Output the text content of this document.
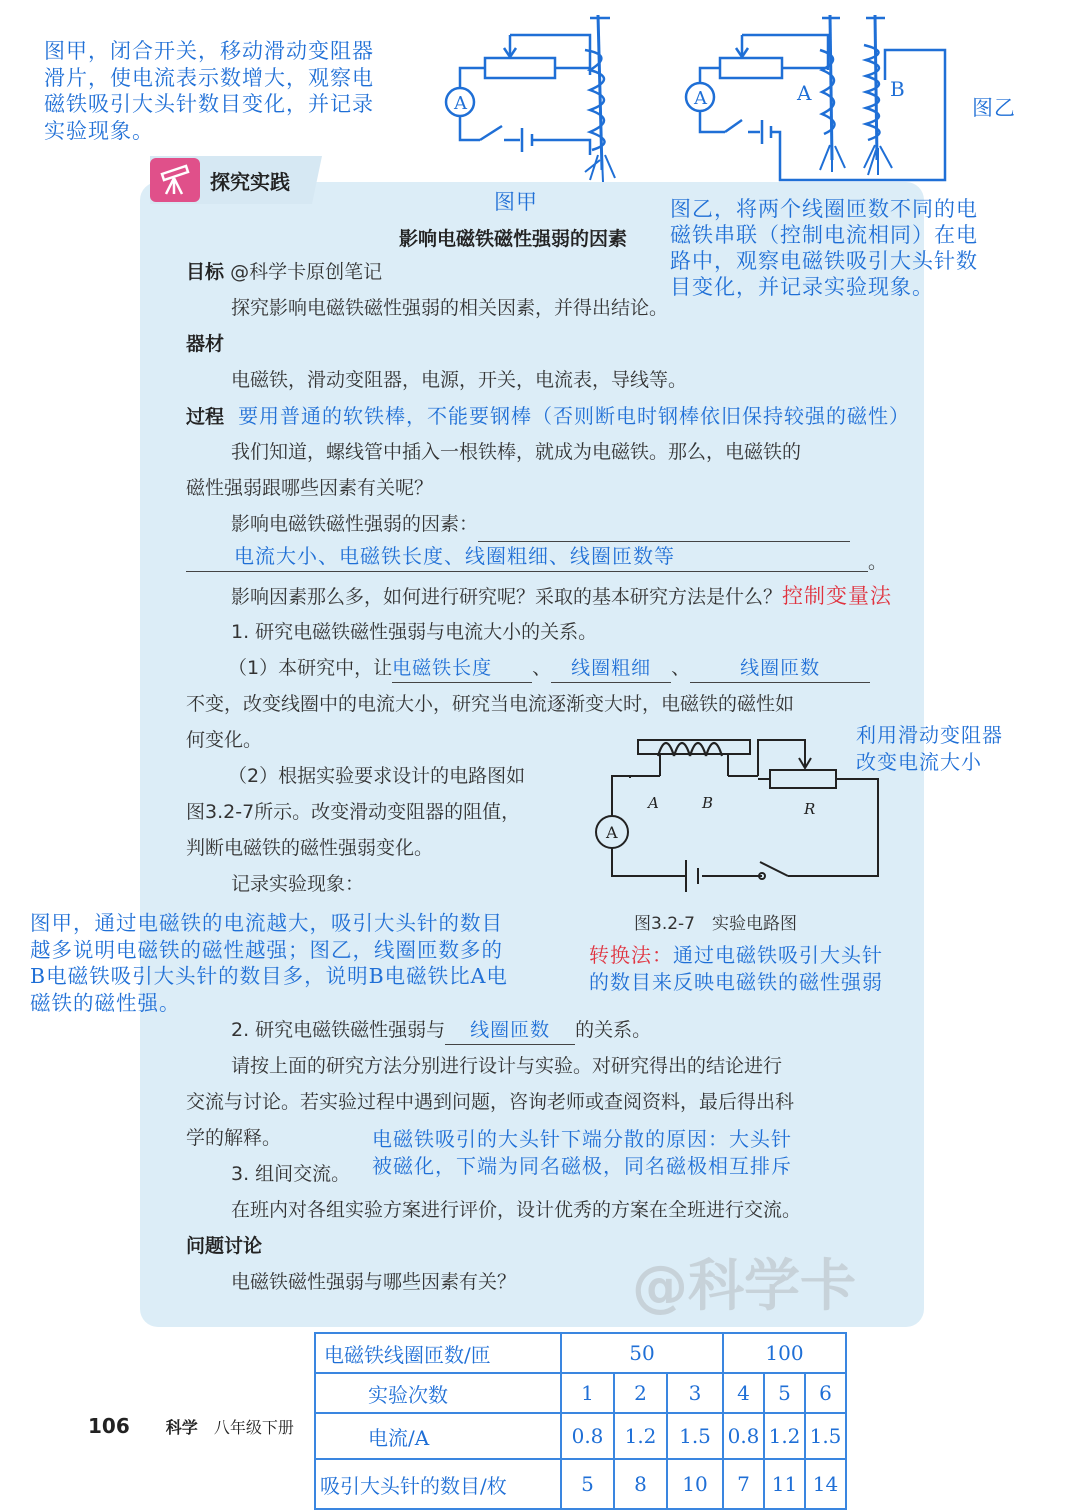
图甲，闭合开关，移动滑动变阻器
滑片，使电流表示数增大，观察电
磁铁吸引大头针数目变化，并记录
实验现象。
A	A	A	B
图乙
图甲
探究实践
影响电磁铁磁性强弱的因素
图乙，将两个线圈匝数不同的电
磁铁串联（控制电流相同）在电
路中，观察电磁铁吸引大头针数
目变化，并记录实验现象。
目标 @科学卡原创笔记
探究影响电磁铁磁性强弱的相关因素，并得出结论。
器材
电磁铁，滑动变阻器，电源，开关，电流表，导线等。
过程 要用普通的软铁棒，不能要钢棒（否则断电时钢棒依旧保持较强的磁性）
我们知道，螺线管中插入一根铁棒，就成为电磁铁。那么，电磁铁的
磁性强弱跟哪些因素有关呢？
影响电磁铁磁性强弱的因素：
电流大小、电磁铁长度、线圈粗细、线圈匝数等	。
影响因素那么多，如何进行研究呢？采取的基本研究方法是什么？控制变量法
1. 研究电磁铁磁性强弱与电流大小的关系。
（1）本研究中，让电磁铁长度 、 线圈粗细 、	线圈匝数
不变，改变线圈中的电流大小，研究当电流逐渐变大时，电磁铁的磁性如
何变化。
（2）根据实验要求设计的电路图如
图3.2-7所示。改变滑动变阻器的阻值，
判断电磁铁的磁性强弱变化。
记录实验现象：
A	B	R
A
利用滑动变阻器
改变电流大小
图3.2-7　实验电路图
图甲，通过电磁铁的电流越大，吸引大头针的数目
越多说明电磁铁的磁性越强；图乙，线圈匝数多的
B电磁铁吸引大头针的数目多，说明B电磁铁比A电
磁铁的磁性强。
转换法：通过电磁铁吸引大头针
的数目来反映电磁铁的磁性强弱
2. 研究电磁铁磁性强弱与 线圈匝数 的关系。
请按上面的研究方法分别进行设计与实验。对研究得出的结论进行
交流与讨论。若实验过程中遇到问题，咨询老师或查阅资料，最后得出科
学的解释。	电磁铁吸引的大头针下端分散的原因：大头针
被磁化，下端为同名磁极，同名磁极相互排斥
3. 组间交流。
在班内对各组实验方案进行评价，设计优秀的方案在全班进行交流。
问题讨论
电磁铁磁性强弱与哪些因素有关？ @科学卡
106 科学 八年级下册
电磁铁线圈匝数/匝	50			100		
实验次数	1	2	3	4	5	6
电流/A	0.8	1.2	1.5	0.8	1.2	1.5
吸引大头针的数目/枚	5	8	10	7	11	14
